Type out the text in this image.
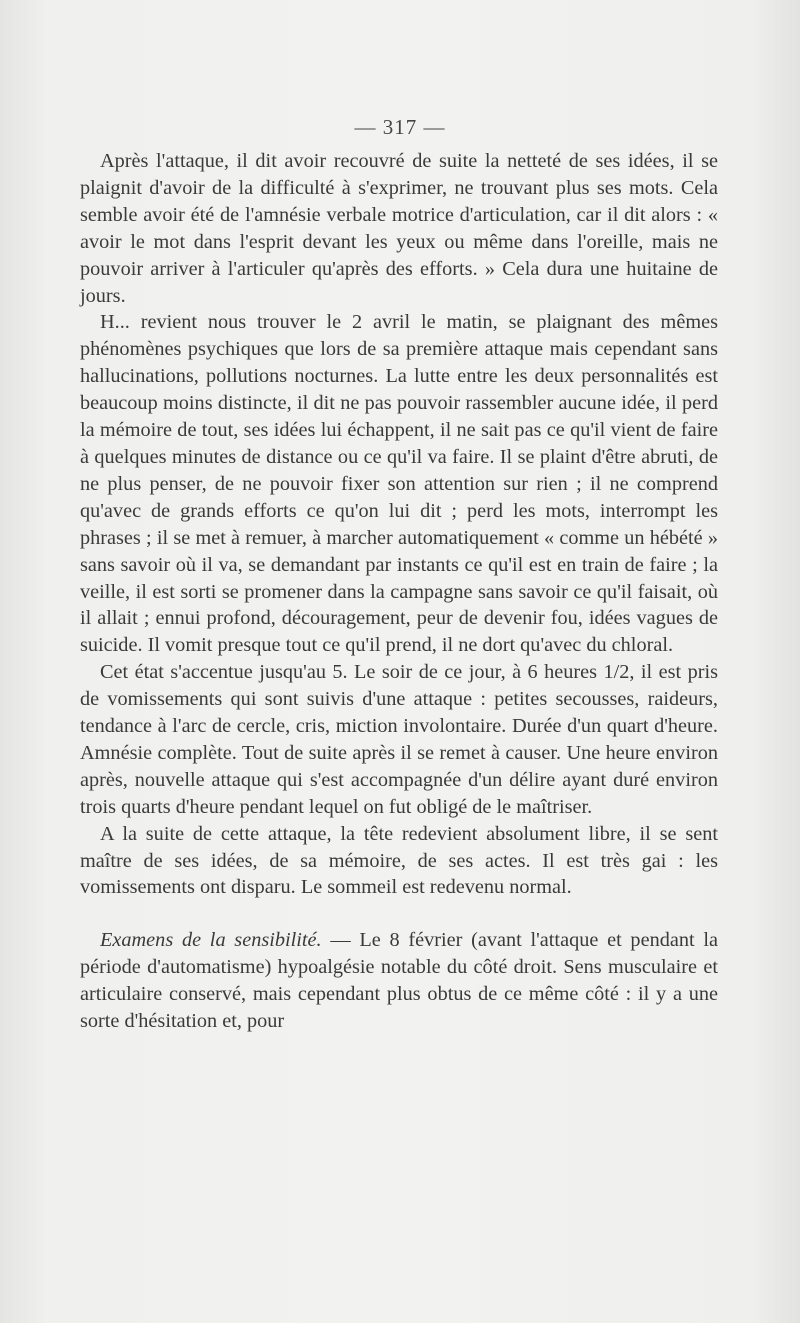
— 317 —

Après l'attaque, il dit avoir recouvré de suite la netteté de ses idées, il se plaignit d'avoir de la difficulté à s'exprimer, ne trouvant plus ses mots. Cela semble avoir été de l'amnésie verbale motrice d'articulation, car il dit alors : « avoir le mot dans l'esprit devant les yeux ou même dans l'oreille, mais ne pouvoir arriver à l'articuler qu'après des efforts. » Cela dura une huitaine de jours.

H... revient nous trouver le 2 avril le matin, se plaignant des mêmes phénomènes psychiques que lors de sa première attaque mais cependant sans hallucinations, pollutions nocturnes. La lutte entre les deux personnalités est beaucoup moins distincte, il dit ne pas pouvoir rassembler aucune idée, il perd la mémoire de tout, ses idées lui échappent, il ne sait pas ce qu'il vient de faire à quelques minutes de distance ou ce qu'il va faire. Il se plaint d'être abruti, de ne plus penser, de ne pouvoir fixer son attention sur rien ; il ne comprend qu'avec de grands efforts ce qu'on lui dit ; perd les mots, interrompt les phrases ; il se met à remuer, à marcher automatiquement « comme un hébété » sans savoir où il va, se demandant par instants ce qu'il est en train de faire ; la veille, il est sorti se promener dans la campagne sans savoir ce qu'il faisait, où il allait ; ennui profond, découragement, peur de devenir fou, idées vagues de suicide. Il vomit presque tout ce qu'il prend, il ne dort qu'avec du chloral.

Cet état s'accentue jusqu'au 5. Le soir de ce jour, à 6 heures 1/2, il est pris de vomissements qui sont suivis d'une attaque : petites secousses, raideurs, tendance à l'arc de cercle, cris, miction involontaire. Durée d'un quart d'heure. Amnésie complète. Tout de suite après il se remet à causer. Une heure environ après, nouvelle attaque qui s'est accompagnée d'un délire ayant duré environ trois quarts d'heure pendant lequel on fut obligé de le maîtriser.

A la suite de cette attaque, la tête redevient absolument libre, il se sent maître de ses idées, de sa mémoire, de ses actes. Il est très gai : les vomissements ont disparu. Le sommeil est redevenu normal.

Examens de la sensibilité. — Le 8 février (avant l'attaque et pendant la période d'automatisme) hypoalgésie notable du côté droit. Sens musculaire et articulaire conservé, mais cependant plus obtus de ce même côté : il y a une sorte d'hésitation et, pour
